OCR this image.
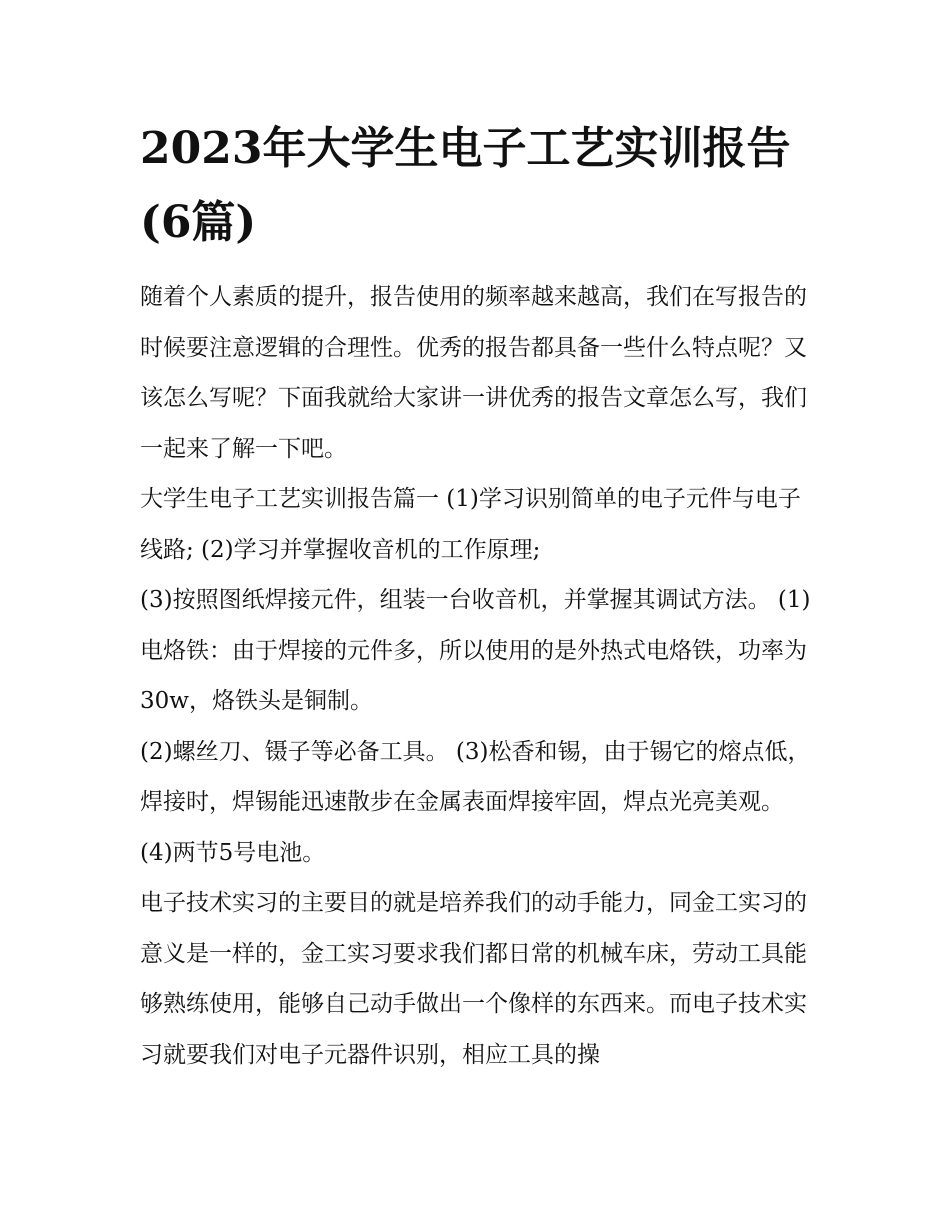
2023年大学生电子工艺实训报告(6篇)

随着个人素质的提升，报告使用的频率越来越高，我们在写报告的时候要注意逻辑的合理性。优秀的报告都具备一些什么特点呢？又该怎么写呢？下面我就给大家讲一讲优秀的报告文章怎么写，我们一起来了解一下吧。

大学生电子工艺实训报告篇一 (1)学习识别简单的电子元件与电子线路; (2)学习并掌握收音机的工作原理;

(3)按照图纸焊接元件，组装一台收音机，并掌握其调试方法。 (1)电烙铁：由于焊接的元件多，所以使用的是外热式电烙铁，功率为30w，烙铁头是铜制。

(2)螺丝刀、镊子等必备工具。 (3)松香和锡，由于锡它的熔点低，焊接时，焊锡能迅速散步在金属表面焊接牢固，焊点光亮美观。 (4)两节5号电池。

电子技术实习的主要目的就是培养我们的动手能力，同金工实习的意义是一样的，金工实习要求我们都日常的机械车床，劳动工具能够熟练使用，能够自己动手做出一个像样的东西来。而电子技术实习就要我们对电子元器件识别，相应工具的操
